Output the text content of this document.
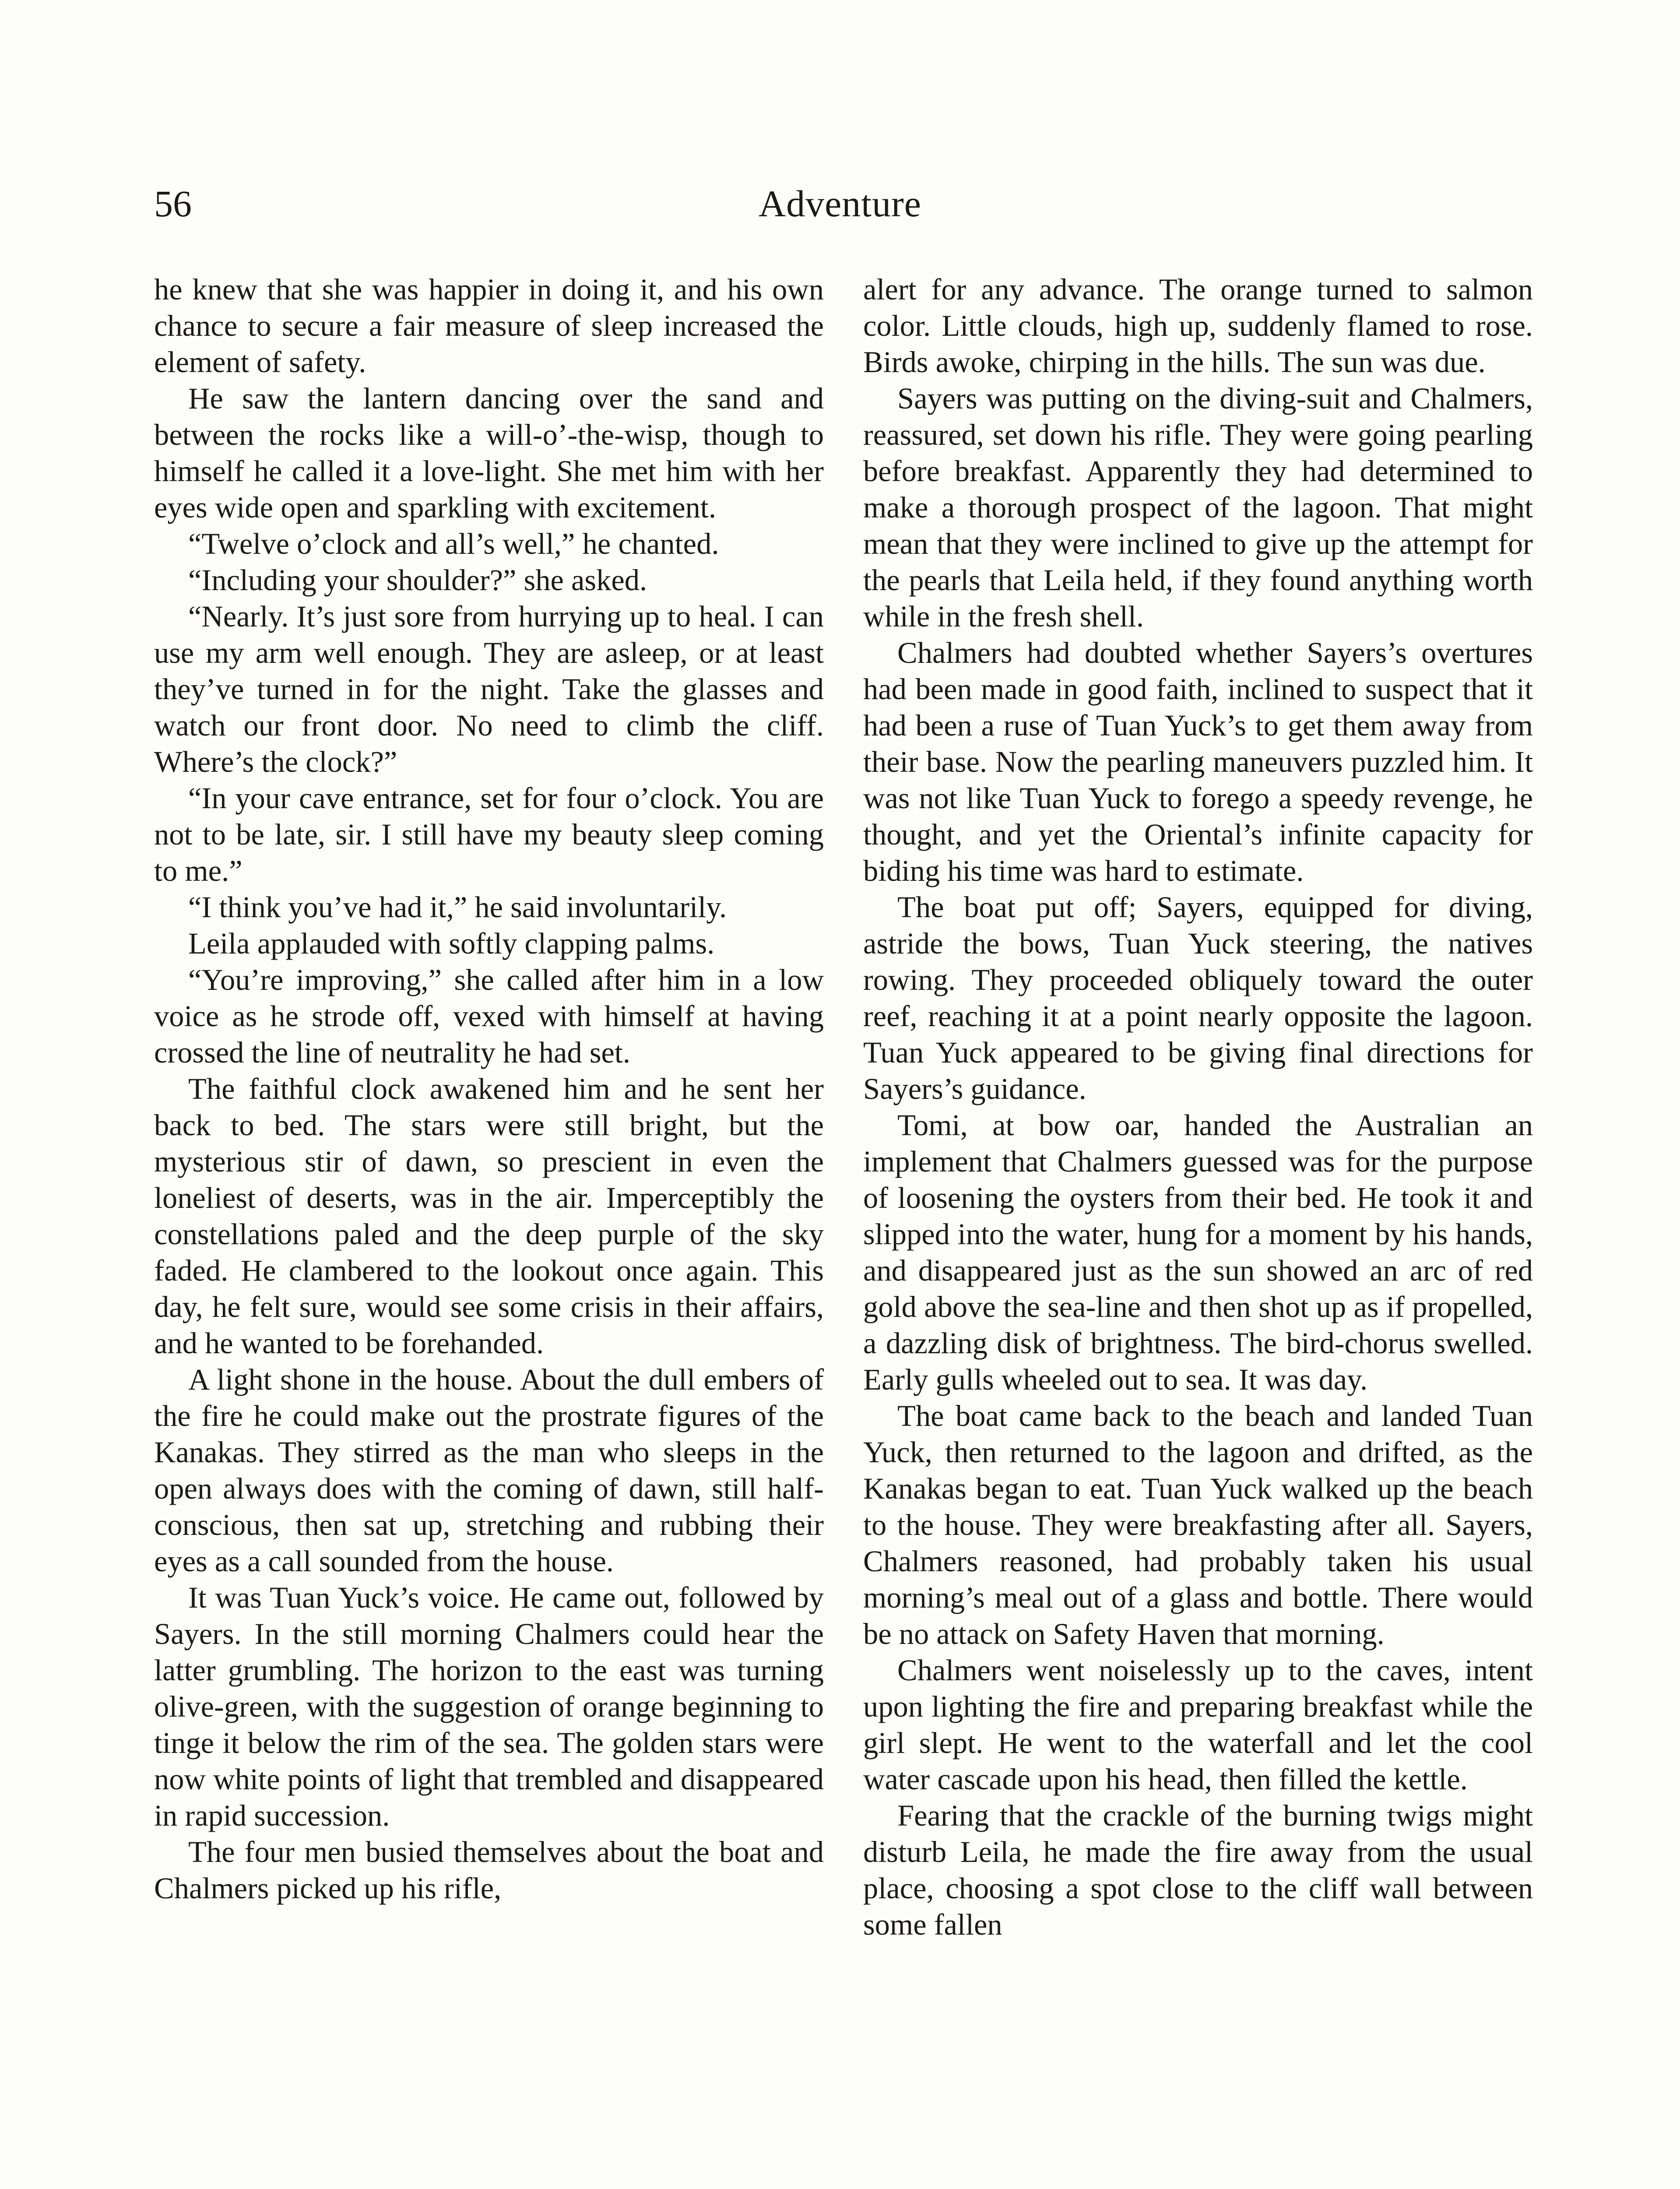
56	Adventure

he knew that she was happier in doing it, and his own chance to secure a fair measure of sleep increased the element of safety.

He saw the lantern dancing over the sand and between the rocks like a will-o’-the-wisp, though to himself he called it a love-light. She met him with her eyes wide open and sparkling with excitement.

“Twelve o’clock and all’s well,” he chanted.

“Including your shoulder?” she asked.

“Nearly. It’s just sore from hurrying up to heal. I can use my arm well enough. They are asleep, or at least they’ve turned in for the night. Take the glasses and watch our front door. No need to climb the cliff. Where’s the clock?”

“In your cave entrance, set for four o’clock. You are not to be late, sir. I still have my beauty sleep coming to me.”

“I think you’ve had it,” he said involuntarily.

Leila applauded with softly clapping palms.

“You’re improving,” she called after him in a low voice as he strode off, vexed with himself at having crossed the line of neutrality he had set.

The faithful clock awakened him and he sent her back to bed. The stars were still bright, but the mysterious stir of dawn, so prescient in even the loneliest of deserts, was in the air. Imperceptibly the constellations paled and the deep purple of the sky faded. He clambered to the lookout once again. This day, he felt sure, would see some crisis in their affairs, and he wanted to be forehanded.

A light shone in the house. About the dull embers of the fire he could make out the prostrate figures of the Kanakas. They stirred as the man who sleeps in the open always does with the coming of dawn, still half-conscious, then sat up, stretching and rubbing their eyes as a call sounded from the house.

It was Tuan Yuck’s voice. He came out, followed by Sayers. In the still morning Chalmers could hear the latter grumbling. The horizon to the east was turning olive-green, with the suggestion of orange beginning to tinge it below the rim of the sea. The golden stars were now white points of light that trembled and disappeared in rapid succession.

The four men busied themselves about the boat and Chalmers picked up his rifle,

alert for any advance. The orange turned to salmon color. Little clouds, high up, suddenly flamed to rose. Birds awoke, chirping in the hills. The sun was due.

Sayers was putting on the diving-suit and Chalmers, reassured, set down his rifle. They were going pearling before breakfast. Apparently they had determined to make a thorough prospect of the lagoon. That might mean that they were inclined to give up the attempt for the pearls that Leila held, if they found anything worth while in the fresh shell.

Chalmers had doubted whether Sayers’s overtures had been made in good faith, inclined to suspect that it had been a ruse of Tuan Yuck’s to get them away from their base. Now the pearling maneuvers puzzled him. It was not like Tuan Yuck to forego a speedy revenge, he thought, and yet the Oriental’s infinite capacity for biding his time was hard to estimate.

The boat put off; Sayers, equipped for diving, astride the bows, Tuan Yuck steering, the natives rowing. They proceeded obliquely toward the outer reef, reaching it at a point nearly opposite the lagoon. Tuan Yuck appeared to be giving final directions for Sayers’s guidance.

Tomi, at bow oar, handed the Australian an implement that Chalmers guessed was for the purpose of loosening the oysters from their bed. He took it and slipped into the water, hung for a moment by his hands, and disappeared just as the sun showed an arc of red gold above the sea-line and then shot up as if propelled, a dazzling disk of brightness. The bird-chorus swelled. Early gulls wheeled out to sea. It was day.

The boat came back to the beach and landed Tuan Yuck, then returned to the lagoon and drifted, as the Kanakas began to eat. Tuan Yuck walked up the beach to the house. They were breakfasting after all. Sayers, Chalmers reasoned, had probably taken his usual morning’s meal out of a glass and bottle. There would be no attack on Safety Haven that morning.

Chalmers went noiselessly up to the caves, intent upon lighting the fire and preparing breakfast while the girl slept. He went to the waterfall and let the cool water cascade upon his head, then filled the kettle.

Fearing that the crackle of the burning twigs might disturb Leila, he made the fire away from the usual place, choosing a spot close to the cliff wall between some fallen
